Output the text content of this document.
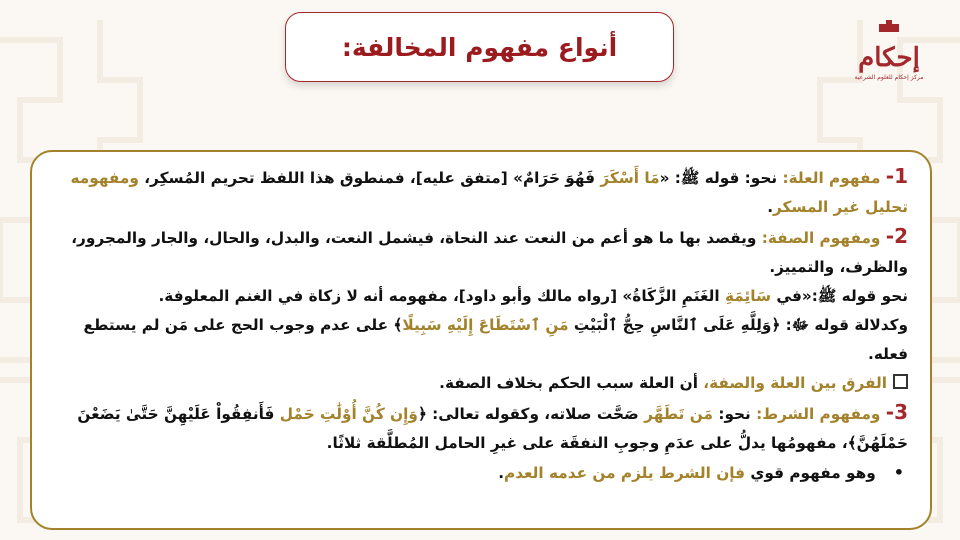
أنواع مفهوم المخالفة:	إحكام
مركز إحكام للعلوم الشرعية

1- مفهوم العلة: نحو: قوله ﷺ: «مَا أَسْكَرَ فَهُوَ حَرَامٌ» [متفق عليه]، فمنطوق هذا اللفظ تحريم المُسكِر، ومفهومه تحليل غير المسكر.

2- ومفهوم الصفة: ويقصد بها ما هو أعم من النعت عند النحاة، فيشمل النعت، والبدل، والحال، والجار والمجرور، والظرف، والتمييز.

نحو قوله ﷺ:«في سَائِمَةِ الغَنَمِ الزَّكَاةُ» [رواه مالك وأبو داود]، مفهومه أنه لا زكاة في الغنم المعلوفة.

وكدلالة قوله ﷻ: ﴿وَلِلَّهِ عَلَى ٱلنَّاسِ حِجُّ ٱلْبَيْتِ مَنِ ٱسْتَطَاعَ إِلَيْهِ سَبِيلًا﴾ على عدم وجوب الحج على مَن لم يستطع فعله.

الفرق بين العلة والصفة، أن العلة سبب الحكم بخلاف الصفة.

3- ومفهوم الشرط: نحو: مَن تَطَهَّر صَحَّت صلاته، وكقوله تعالى: ﴿وَإِن كُنَّ أُوْلَٰتِ حَمْل فَأَنفِقُواْ عَلَيْهِنَّ حَتَّىٰ يَضَعْنَ حَمْلَهُنَّ﴾، مفهومُها يدلُّ على عدَمِ وجوبِ النفقَة على غيرِ الحامل المُطلَّقة ثلاثًا.

•وهو مفهوم قوي فإن الشرط يلزم من عدمه العدم.
